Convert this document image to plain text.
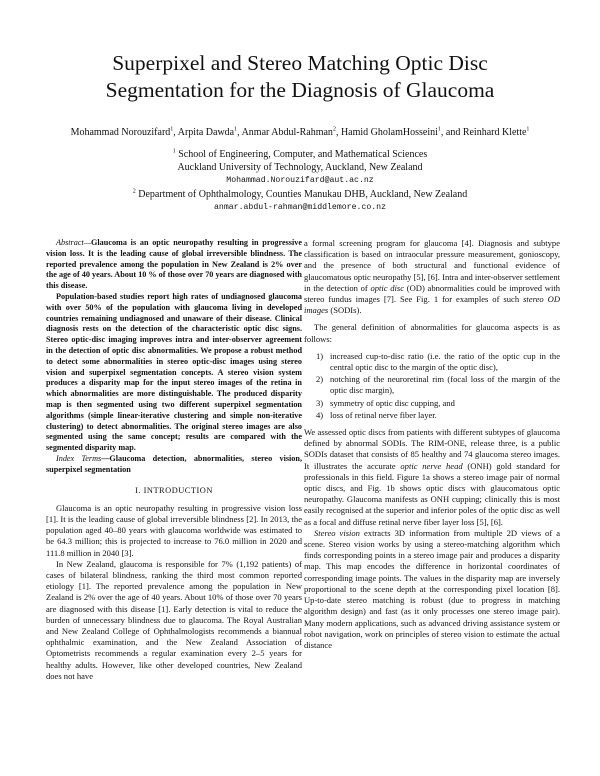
Superpixel and Stereo Matching Optic Disc
Segmentation for the Diagnosis of Glaucoma
Mohammad Norouzifard$^1$, Arpita Dawda$^1$, Anmar Abdul-Rahman$^2$, Hamid GholamHosseini$^1$, and Reinhard Klette$^1$
$^1$ School of Engineering, Computer, and Mathematical Sciences
Auckland University of Technology, Auckland, New Zealand
Mohammad.Norouzifard@aut.ac.nz
$^2$ Department of Ophthalmology, Counties Manukau DHB, Auckland, New Zealand
anmar.abdul-rahman@middlemore.co.nz

Abstract—Glaucoma is an optic neuropathy resulting in progressive vision loss. It is the leading cause of global irreversible blindness. The reported prevalence among the population in New Zealand is 2% over the age of 40 years. About 10 % of those over 70 years are diagnosed with this disease.

Population-based studies report high rates of undiagnosed glaucoma with over 50% of the population with glaucoma living in developed countries remaining undiagnosed and unaware of their disease. Clinical diagnosis rests on the detection of the characteristic optic disc signs. Stereo optic-disc imaging improves intra and inter-observer agreement in the detection of optic disc abnormalities. We propose a robust method to detect some abnormalities in stereo optic-disc images using stereo vision and superpixel segmentation concepts. A stereo vision system produces a disparity map for the input stereo images of the retina in which abnormalities are more distinguishable. The produced disparity map is then segmented using two different superpixel segmentation algorithms (simple linear-iterative clustering and simple non-iterative clustering) to detect abnormalities. The original stereo images are also segmented using the same concept; results are compared with the segmented disparity map.

Index Terms—Glaucoma detection, abnormalities, stereo vision, superpixel segmentation

I. INTRODUCTION

Glaucoma is an optic neuropathy resulting in progressive vision loss [1]. It is the leading cause of global irreversible blindness [2]. In 2013, the population aged 40–80 years with glaucoma worldwide was estimated to be 64.3 million; this is projected to increase to 76.0 million in 2020 and 111.8 million in 2040 [3].

In New Zealand, glaucoma is responsible for 7% (1,192 patients) of cases of bilateral blindness, ranking the third most common reported etiology [1]. The reported prevalence among the population in New Zealand is 2% over the age of 40 years. About 10% of those over 70 years are diagnosed with this disease [1]. Early detection is vital to reduce the burden of unnecessary blindness due to glaucoma. The Royal Australian and New Zealand College of Ophthalmologists recommends a biannual ophthalmic examination, and the New Zealand Association of Optometrists recommends a regular examination every 2–5 years for healthy adults. However, like other developed countries, New Zealand does not have

a formal screening program for glaucoma [4]. Diagnosis and subtype classification is based on intraocular pressure measurement, gonioscopy, and the presence of both structural and functional evidence of glaucomatous optic neuropathy [5], [6]. Intra and inter-observer settlement in the detection of optic disc (OD) abnormalities could be improved with stereo fundus images [7]. See Fig. 1 for examples of such stereo OD images (SODIs).

The general definition of abnormalities for glaucoma aspects is as follows:

1) increased cup-to-disc ratio (i.e. the ratio of the optic cup in the central optic disc to the margin of the optic disc),
2) notching of the neuroretinal rim (focal loss of the margin of the optic disc margin),
3) symmetry of optic disc cupping, and
4) loss of retinal nerve fiber layer.

We assessed optic discs from patients with different subtypes of glaucoma defined by abnormal SODIs. The RIM-ONE, release three, is a public SODIs dataset that consists of 85 healthy and 74 glaucoma stereo images. It illustrates the accurate optic nerve head (ONH) gold standard for professionals in this field. Figure 1a shows a stereo image pair of normal optic discs, and Fig. 1b shows optic discs with glaucomatous optic neuropathy. Glaucoma manifests as ONH cupping; clinically this is most easily recognised at the superior and inferior poles of the optic disc as well as a focal and diffuse retinal nerve fiber layer loss [5], [6].

Stereo vision extracts 3D information from multiple 2D views of a scene. Stereo vision works by using a stereo-matching algorithm which finds corresponding points in a stereo image pair and produces a disparity map. This map encodes the difference in horizontal coordinates of corresponding image points. The values in the disparity map are inversely proportional to the scene depth at the corresponding pixel location [8]. Up-to-date stereo matching is robust (due to progress in matching algorithm design) and fast (as it only processes one stereo image pair). Many modern applications, such as advanced driving assistance system or robot navigation, work on principles of stereo vision to estimate the actual distance
